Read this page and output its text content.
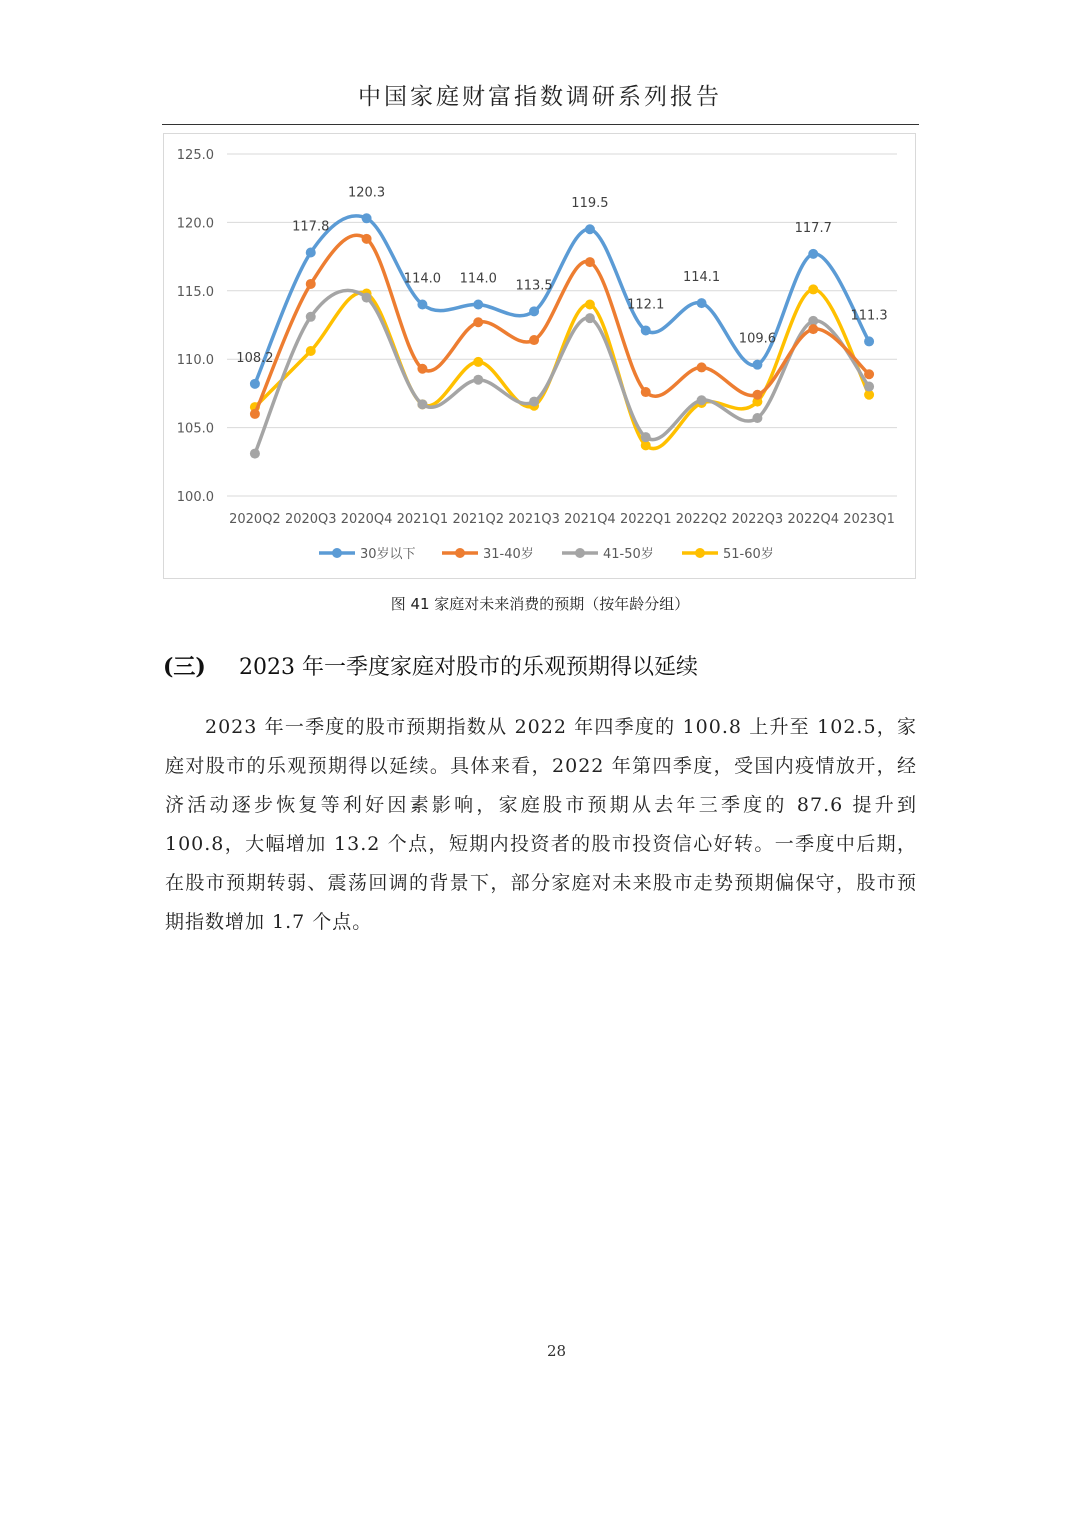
中国家庭财富指数调研系列报告
125.0
120.0
115.0
110.0
105.0
100.0
2020Q2 2020Q3 2020Q4 2021Q1 2021Q2 2021Q3 2021Q4 2022Q1 2022Q2 2022Q3 2022Q4 2023Q1
108.2
117.8
120.3
114.0 114.0 113.5
119.5
112.1
114.1
109.6
117.7
111.3
30岁以下	31-40岁	41-50岁	51-60岁
图 41 家庭对未来消费的预期（按年龄分组）
(三) 2023 年一季度家庭对股市的乐观预期得以延续
2023 年一季度的股市预期指数从 2022 年四季度的 100.8 上升至 102.5，家庭对股市的乐观预期得以延续。具体来看，2022 年第四季度，受国内疫情放开，经济活动逐步恢复等利好因素影响，家庭股市预期从去年三季度的 87.6 提升到 100.8，大幅增加 13.2 个点，短期内投资者的股市投资信心好转。一季度中后期，在股市预期转弱、震荡回调的背景下，部分家庭对未来股市走势预期偏保守，股市预期指数增加 1.7 个点。
28
